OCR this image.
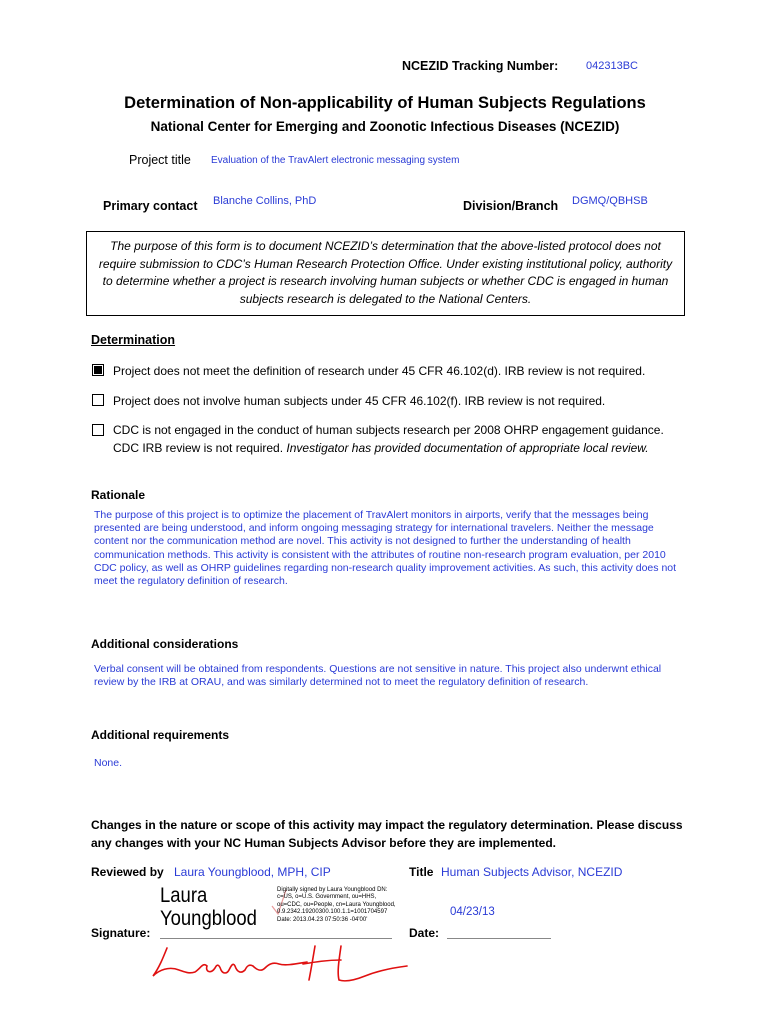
NCEZID Tracking Number:	042313BC
Determination of Non-applicability of Human Subjects Regulations
National Center for Emerging and Zoonotic Infectious Diseases (NCEZID)
Project title Evaluation of the TravAlert electronic messaging system
Primary contact Blanche Collins, PhD	Division/Branch DGMQ/QBHSB
The purpose of this form is to document NCEZID’s determination that the above-listed protocol does not require submission to CDC’s Human Research Protection Office. Under existing institutional policy, authority to determine whether a project is research involving human subjects or whether CDC is engaged in human subjects research is delegated to the National Centers.
Determination
Project does not meet the definition of research under 45 CFR 46.102(d). IRB review is not required.
Project does not involve human subjects under 45 CFR 46.102(f). IRB review is not required.
CDC is not engaged in the conduct of human subjects research per 2008 OHRP engagement guidance. CDC IRB review is not required. Investigator has provided documentation of appropriate local review.
Rationale
The purpose of this project is to optimize the placement of TravAlert monitors in airports, verify that the messages being presented are being understood, and inform ongoing messaging strategy for international travelers. Neither the message content nor the communication method are novel. This activity is not designed to further the understanding of health communication methods. This activity is consistent with the attributes of routine non-research program evaluation, per 2010 CDC policy, as well as OHRP guidelines regarding non-research quality improvement activities. As such, this activity does not meet the regulatory definition of research.
Additional considerations
Verbal consent will be obtained from respondents. Questions are not sensitive in nature. This project also underwnt ethical review by the IRB at ORAU, and was similarly determined not to meet the regulatory definition of research.
Additional requirements
None.
Changes in the nature or scope of this activity may impact the regulatory determination. Please discuss any changes with your NC Human Subjects Advisor before they are implemented.
Reviewed by Laura Youngblood, MPH, CIP	Title Human Subjects Advisor, NCEZID
Signature:
Laura
Youngblood
Digitally signed by Laura Youngblood DN: c=US, o=U.S. Government, ou=HHS, ou=CDC, ou=People, cn=Laura Youngblood, 0.9.2342.19200300.100.1.1=1001704597 Date: 2013.04.23 07:50:36 -04'00'
Date:
04/23/13
